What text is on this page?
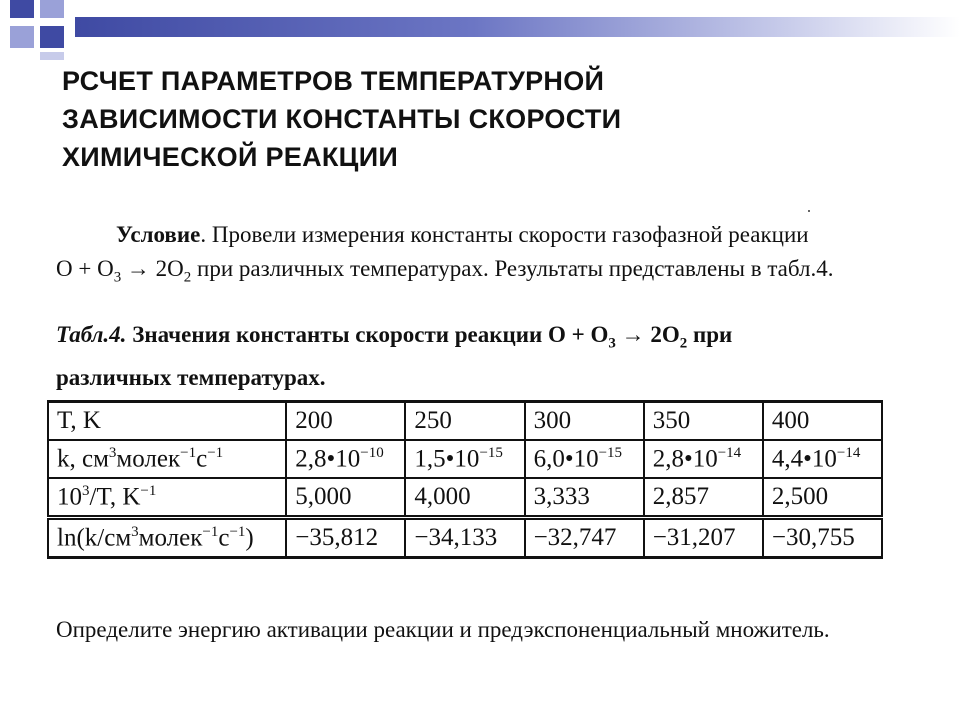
РСЧЕТ ПАРАМЕТРОВ ТЕМПЕРАТУРНОЙ
ЗАВИСИМОСТИ КОНСТАНТЫ СКОРОСТИ
ХИМИЧЕСКОЙ РЕАКЦИИ
Условие. Провели измерения константы скорости газофазной реакции
$O + O_3 \to 2O_2$ при различных температурах. Результаты представлены в табл.4.
Табл.4. Значения константы скорости реакции $O + O_3 \to 2O_2$ при различных температурах.
T, K	200	250	300	350	400
k, $см^3молек^{-1}с^{-1}$	$2,8•10^{-10}$	$1,5•10^{-15}$	$6,0•10^{-15}$	$2,8•10^{-14}$	$4,4•10^{-14}$
$10^3/T$, $K^{-1}$	5,000	4,000	3,333	2,857	2,500
$\ln(k/см^3молек^{-1}с^{-1})$	−35,812	−34,133	−32,747	−31,207	−30,755
Определите энергию активации реакции и предэкспоненциальный множитель.
